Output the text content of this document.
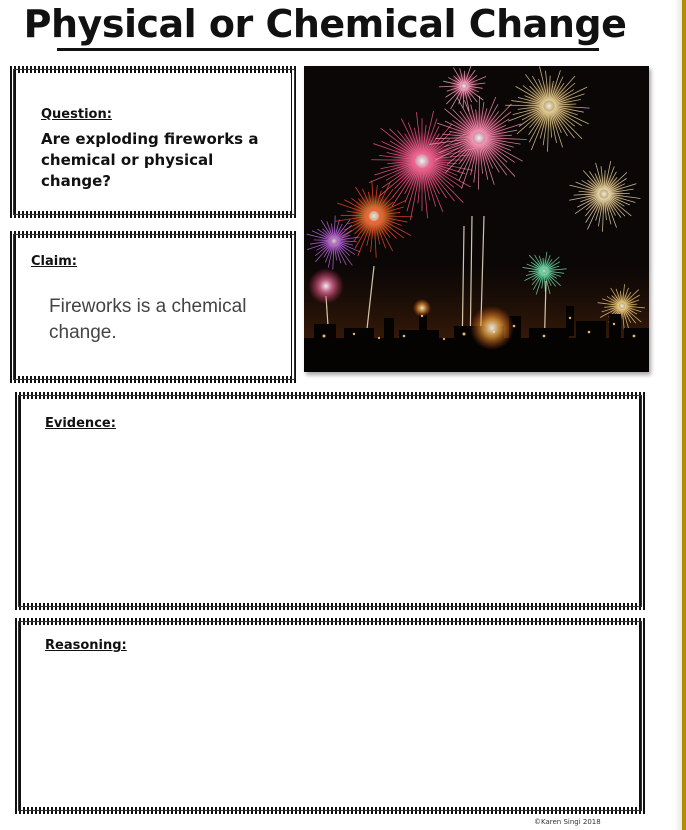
Physical or Chemical Change
Question:
Are exploding fireworks a chemical or physical change?
Claim:
Fireworks is a chemical change.
Evidence:
Reasoning:
©Karen Singi 2018
